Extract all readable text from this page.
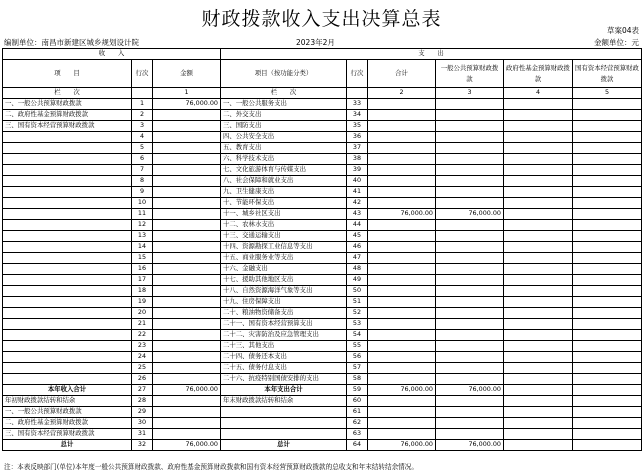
财政拨款收入支出决算总表
草案04表
编制单位：南昌市新建区城乡规划设计院	2023年2月	金额单位：元
收　　入			支　　出					
项　　目	行次	金额	项目（按功能分类）	行次	合计	一般公共预算财政拨款	政府性基金预算财政拨款	国有资本经营预算财政拨款
栏　　次		1	栏　　次		2	3	4	5
一、一般公共预算财政拨款	1	76,000.00	一、一般公共服务支出	33				
二、政府性基金预算财政拨款	2		二、外交支出	34				
三、国有资本经营预算财政拨款	3		三、国防支出	35				
	4		四、公共安全支出	36				
	5		五、教育支出	37				
	6		六、科学技术支出	38				
	7		七、文化旅游体育与传媒支出	39				
	8		八、社会保障和就业支出	40				
	9		九、卫生健康支出	41				
	10		十、节能环保支出	42				
	11		十一、城乡社区支出	43	76,000.00	76,000.00		
	12		十二、农林水支出	44				
	13		十三、交通运输支出	45				
	14		十四、资源勘探工业信息等支出	46				
	15		十五、商业服务业等支出	47				
	16		十六、金融支出	48				
	17		十七、援助其他地区支出	49				
	18		十八、自然资源海洋气象等支出	50				
	19		十九、住房保障支出	51				
	20		二十、粮油物资储备支出	52				
	21		二十一、国有资本经营预算支出	53				
	22		二十二、灾害防治及应急管理支出	54				
	23		二十三、其他支出	55				
	24		二十四、债务还本支出	56				
	25		二十五、债务付息支出	57				
	26		二十六、抗疫特别国债安排的支出	58				
本年收入合计	27	76,000.00	本年支出合计	59	76,000.00	76,000.00		
年初财政拨款结转和结余	28		年末财政拨款结转和结余	60				
一、一般公共预算财政拨款	29			61				
二、政府性基金预算财政拨款	30			62				
三、国有资本经营预算财政拨款	31			63				
总计	32	76,000.00	总计	64	76,000.00	76,000.00		
注：本表反映部门(单位)本年度一般公共预算财政拨款、政府性基金预算财政拨款和国有资本经营预算财政拨款的总收支和年末结转结余情况。
